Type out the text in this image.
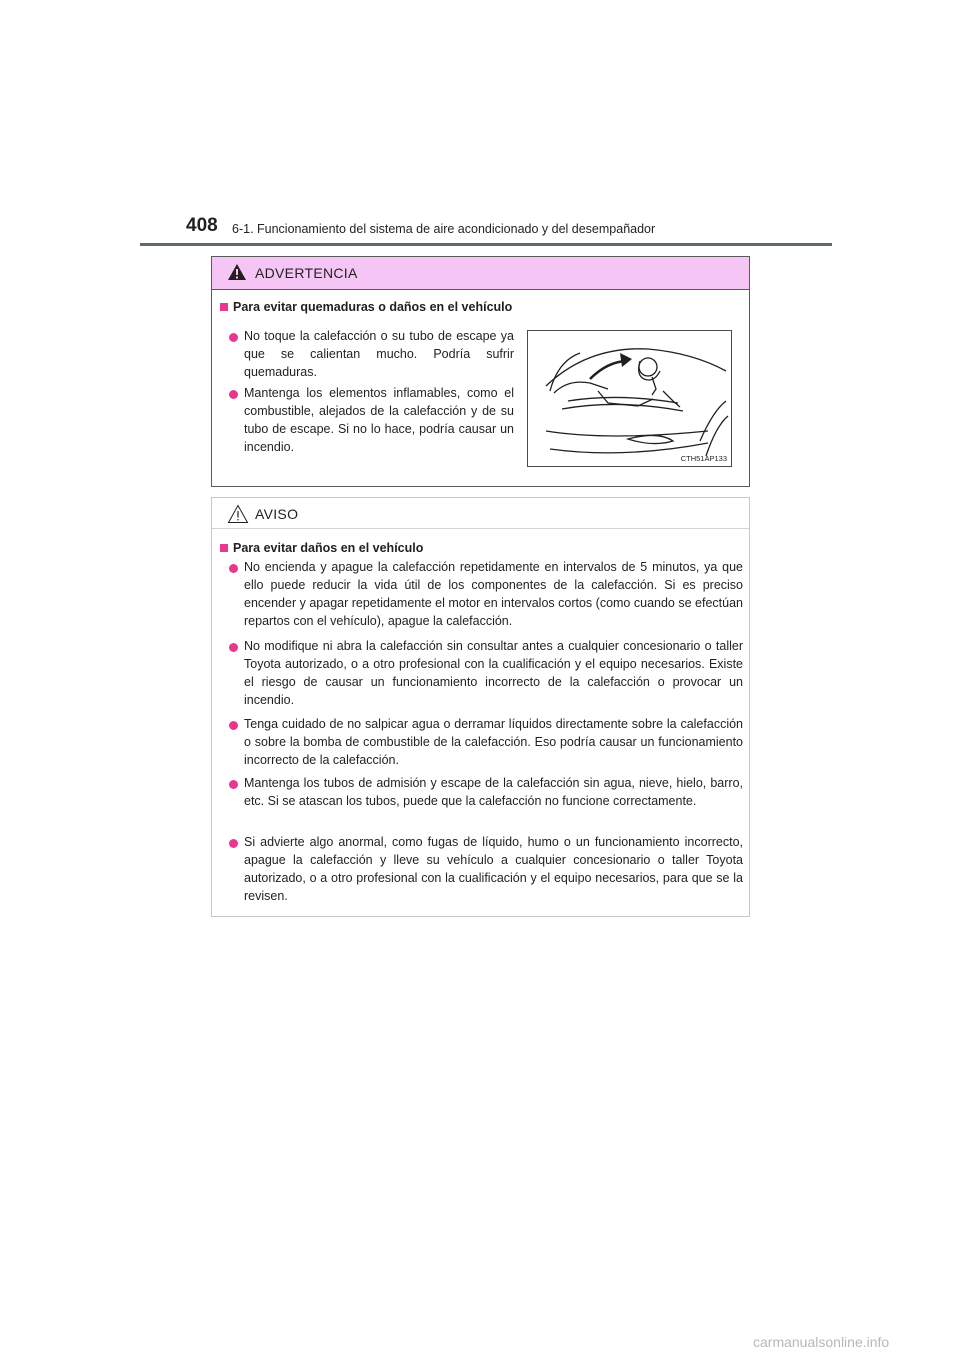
408 6-1. Funcionamiento del sistema de aire acondicionado y del desempañador
ADVERTENCIA
Para evitar quemaduras o daños en el vehículo
No toque la calefacción o su tubo de escape ya que se calientan mucho. Podría sufrir quemaduras.
Mantenga los elementos inflamables, como el combustible, alejados de la calefacción y de su tubo de escape. Si no lo hace, podría causar un incendio.
CTH51AP133
AVISO
Para evitar daños en el vehículo
No encienda y apague la calefacción repetidamente en intervalos de 5 minutos, ya que ello puede reducir la vida útil de los componentes de la calefacción. Si es preciso encender y apagar repetidamente el motor en intervalos cortos (como cuando se efectúan repartos con el vehículo), apague la calefacción.
No modifique ni abra la calefacción sin consultar antes a cualquier concesionario o taller Toyota autorizado, o a otro profesional con la cualificación y el equipo necesarios. Existe el riesgo de causar un funcionamiento incorrecto de la calefacción o provocar un incendio.
Tenga cuidado de no salpicar agua o derramar líquidos directamente sobre la calefacción o sobre la bomba de combustible de la calefacción. Eso podría causar un funcionamiento incorrecto de la calefacción.
Mantenga los tubos de admisión y escape de la calefacción sin agua, nieve, hielo, barro, etc. Si se atascan los tubos, puede que la calefacción no funcione correctamente.
Si advierte algo anormal, como fugas de líquido, humo o un funcionamiento incorrecto, apague la calefacción y lleve su vehículo a cualquier concesionario o taller Toyota autorizado, o a otro profesional con la cualificación y el equipo necesarios, para que se la revisen.
carmanualsonline.info
